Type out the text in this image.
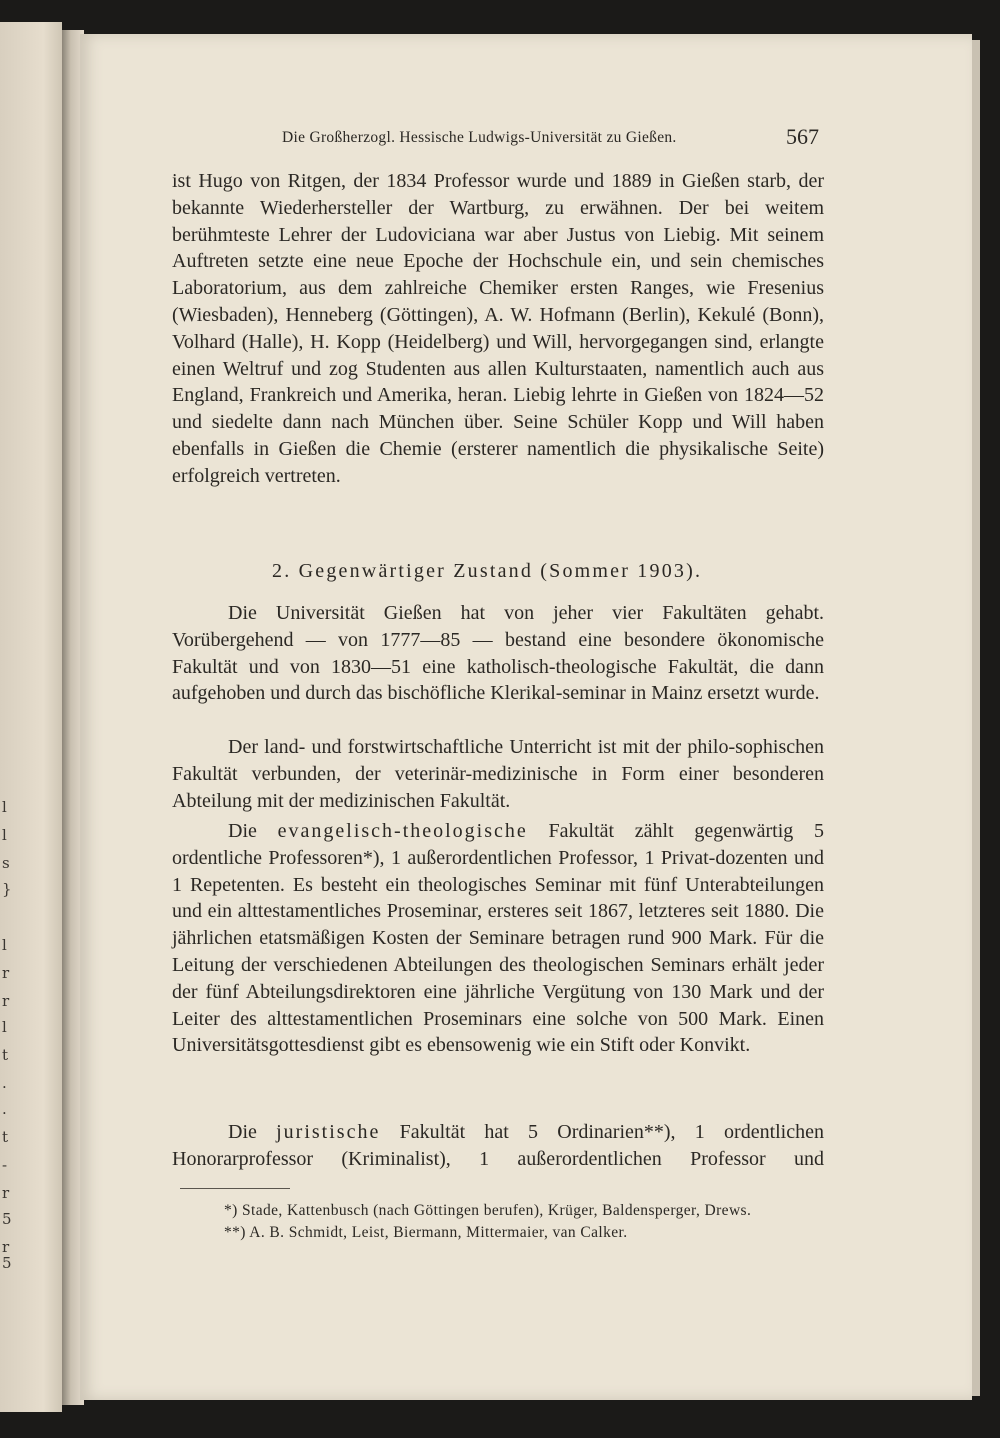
l
l
s
}
l
r
r
l
t
.
.
t
-
r
5
r
5
Die Großherzogl. Hessische Ludwigs-Universität zu Gießen.	567
ist Hugo von Ritgen, der 1834 Professor wurde und 1889 in Gießen starb, der bekannte Wiederhersteller der Wartburg, zu erwähnen. Der bei weitem berühmteste Lehrer der Ludoviciana war aber Justus von Liebig. Mit seinem Auftreten setzte eine neue Epoche der Hochschule ein, und sein chemisches Laboratorium, aus dem zahlreiche Chemiker ersten Ranges, wie Fresenius (Wiesbaden), Henneberg (Göttingen), A. W. Hofmann (Berlin), Kekulé (Bonn), Volhard (Halle), H. Kopp (Heidelberg) und Will, hervorgegangen sind, erlangte einen Weltruf und zog Studenten aus allen Kulturstaaten, namentlich auch aus England, Frankreich und Amerika, heran. Liebig lehrte in Gießen von 1824—52 und siedelte dann nach München über. Seine Schüler Kopp und Will haben ebenfalls in Gießen die Chemie (ersterer namentlich die physikalische Seite) erfolgreich vertreten.
2. Gegenwärtiger Zustand (Sommer 1903).
Die Universität Gießen hat von jeher vier Fakultäten gehabt. Vorübergehend — von 1777—85 — bestand eine besondere ökonomische Fakultät und von 1830—51 eine katholisch-theologische Fakultät, die dann aufgehoben und durch das bischöfliche Klerikal-seminar in Mainz ersetzt wurde.
Der land- und forstwirtschaftliche Unterricht ist mit der philo-sophischen Fakultät verbunden, der veterinär-medizinische in Form einer besonderen Abteilung mit der medizinischen Fakultät.
Die evangelisch-theologische Fakultät zählt gegenwärtig 5 ordentliche Professoren*), 1 außerordentlichen Professor, 1 Privat-dozenten und 1 Repetenten. Es besteht ein theologisches Seminar mit fünf Unterabteilungen und ein alttestamentliches Proseminar, ersteres seit 1867, letzteres seit 1880. Die jährlichen etatsmäßigen Kosten der Seminare betragen rund 900 Mark. Für die Leitung der verschiedenen Abteilungen des theologischen Seminars erhält jeder der fünf Abteilungsdirektoren eine jährliche Vergütung von 130 Mark und der Leiter des alttestamentlichen Proseminars eine solche von 500 Mark. Einen Universitätsgottesdienst gibt es ebensowenig wie ein Stift oder Konvikt.
Die juristische Fakultät hat 5 Ordinarien**), 1 ordentlichen Honorarprofessor (Kriminalist), 1 außerordentlichen Professor und
*) Stade, Kattenbusch (nach Göttingen berufen), Krüger, Baldensperger, Drews.
**) A. B. Schmidt, Leist, Biermann, Mittermaier, van Calker.
